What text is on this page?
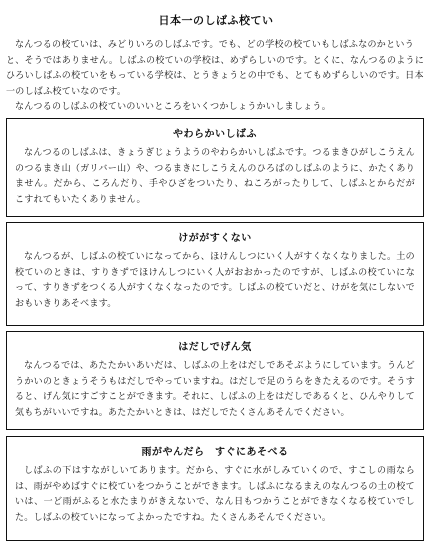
日本一のしばふ校てい

なんつるの校ていは、みどりいろのしばふです。でも、どの学校の校ていもしばふなのかというと、そうではありません。しばふの校ていの学校は、めずらしいのです。とくに、なんつるのようにひろいしばふの校ていをもっている学校は、とうきょうとの中でも、とてもめずらしいのです。日本一のしばふ校ていなのです。

なんつるのしばふの校ていのいいところをいくつかしょうかいしましょう。

やわらかいしばふ

なんつるのしばふは、きょうぎじょうようのやわらかいしばふです。つるまきひがしこうえんのつるまき山（ガリバー山）や、つるまきにしこうえんのひろばのしばふのように、かたくありません。だから、ころんだり、手やひざをついたり、ねころがったりして、しばふとからだがこすれてもいたくありません。

けががすくない

なんつるが、しばふの校ていになってから、ほけんしつにいく人がすくなくなりました。土の校ていのときは、すりきずでほけんしつにいく人がおおかったのですが、しばふの校ていになって、すりきずをつくる人がすくなくなったのです。しばふの校ていだと、けがを気にしないでおもいきりあそべます。

はだしでげん気

なんつるでは、あたたかいあいだは、しばふの上をはだしであそぶようにしています。うんどうかいのときょうそうもはだしでやっていますね。はだしで足のうらをきたえるのです。そうすると、げん気にすごすことができます。それに、しばふの上をはだしであるくと、ひんやりして気もちがいいですね。あたたかいときは、はだしでたくさんあそんでください。

雨がやんだら　すぐにあそべる

しばふの下はすながしいてあります。だから、すぐに水がしみていくので、すこしの雨ならは、雨がやめばすぐに校ていをつかうことができます。しばふになるまえのなんつるの土の校ていは、一ど雨がふると水たまりがきえないで、なん日もつかうことができなくなる校ていでした。しばふの校ていになってよかったですね。たくさんあそんでください。
